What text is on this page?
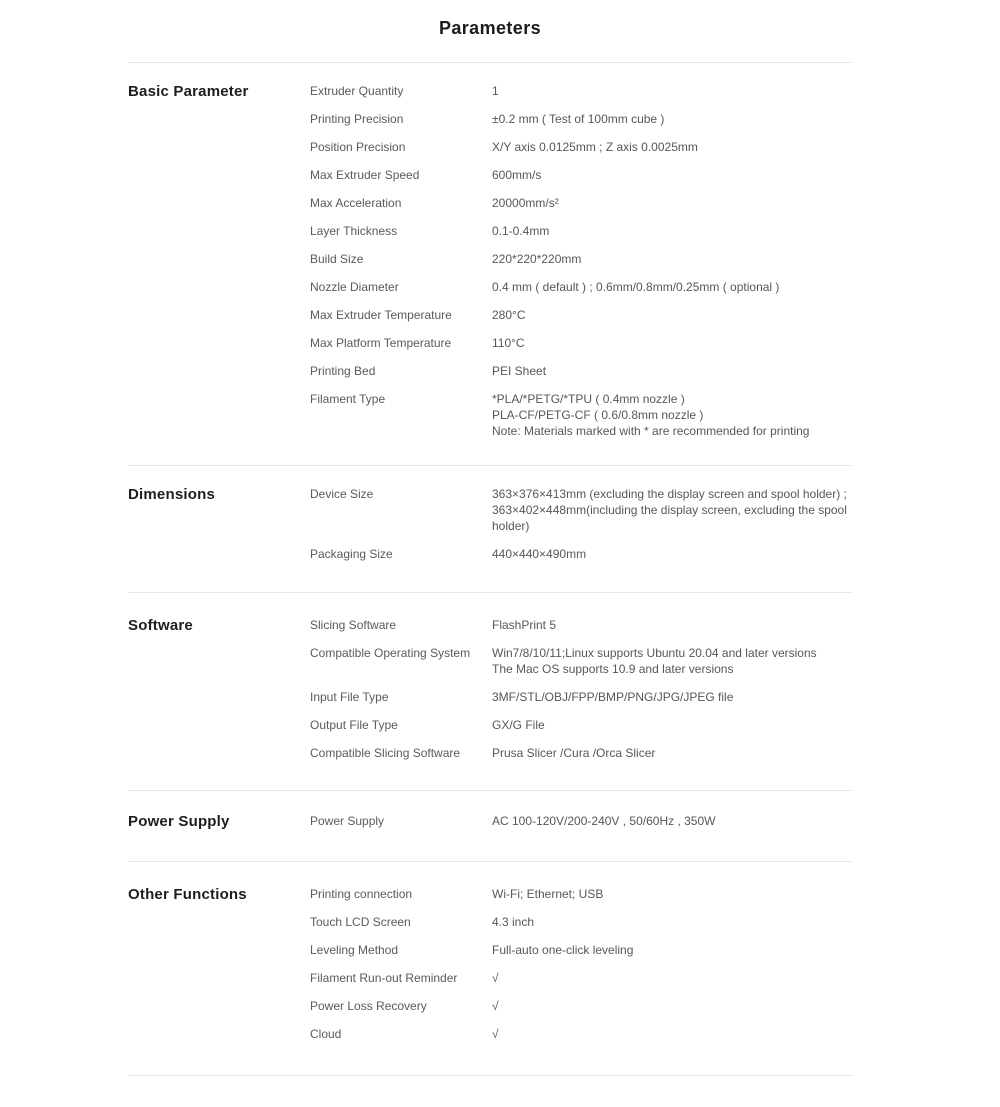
Parameters
Basic Parameter	Extruder Quantity	1
Printing Precision	±0.2 mm ( Test of 100mm cube )
Position Precision	X/Y axis 0.0125mm ; Z axis 0.0025mm
Max Extruder Speed	600mm/s
Max Acceleration	20000mm/s²
Layer Thickness	0.1-0.4mm
Build Size	220*220*220mm
Nozzle Diameter	0.4 mm ( default ) ; 0.6mm/0.8mm/0.25mm ( optional )
Max Extruder Temperature	280°C
Max Platform Temperature	110°C
Printing Bed	PEI Sheet
Filament Type	*PLA/*PETG/*TPU ( 0.4mm nozzle )
PLA-CF/PETG-CF ( 0.6/0.8mm nozzle )
Note: Materials marked with * are recommended for printing
Dimensions	Device Size	363×376×413mm (excluding the display screen and spool holder) ;
363×402×448mm(including the display screen, excluding the spool holder)
Packaging Size	440×440×490mm
Software	Slicing Software	FlashPrint 5
Compatible Operating System	Win7/8/10/11;Linux supports Ubuntu 20.04 and later versions
The Mac OS supports 10.9 and later versions
Input File Type	3MF/STL/OBJ/FPP/BMP/PNG/JPG/JPEG file
Output File Type	GX/G File
Compatible Slicing Software	Prusa Slicer /Cura /Orca Slicer
Power Supply	Power Supply	AC 100-120V/200-240V , 50/60Hz , 350W
Other Functions	Printing connection	Wi-Fi; Ethernet; USB
Touch LCD Screen	4.3 inch
Leveling Method	Full-auto one-click leveling
Filament Run-out Reminder	√
Power Loss Recovery	√
Cloud	√
